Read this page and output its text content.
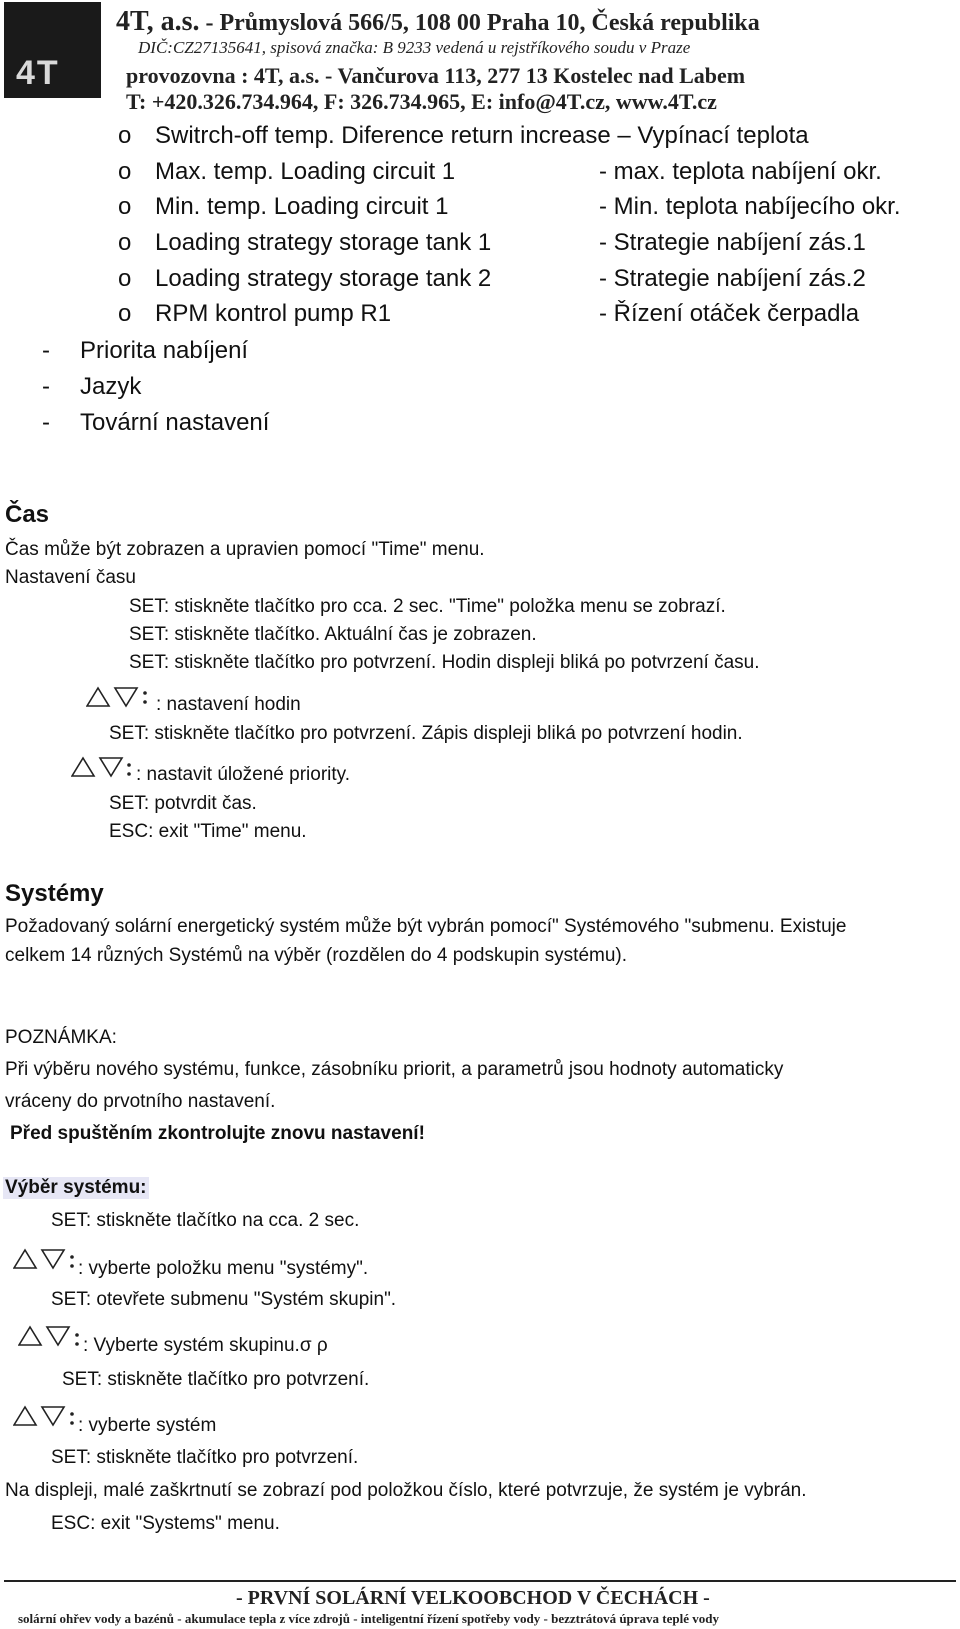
4T
4T, a.s. - Průmyslová 566/5, 108 00 Praha 10, Česká republika
DIČ:CZ27135641, spisová značka: B 9233 vedená u rejstříkového soudu v Praze
provozovna : 4T, a.s. - Vančurova 113, 277 13 Kostelec nad Labem
T: +420.326.734.964, F: 326.734.965, E: info@4T.cz, www.4T.cz
o Switrch-off temp. Diference return increase – Vypínací teplota
o Max. temp. Loading circuit 1	- max. teplota nabíjení okr.
o Min. temp. Loading circuit 1	- Min. teplota nabíjecího okr.
o Loading strategy storage tank 1	- Strategie nabíjení zás.1
o Loading strategy storage tank 2	- Strategie nabíjení zás.2
o RPM kontrol pump R1	- Řízení otáček čerpadla
- Priorita nabíjení
- Jazyk
- Tovární nastavení
Čas
Čas může být zobrazen a upravien pomocí "Time" menu.
Nastavení času
SET: stiskněte tlačítko pro cca. 2 sec. "Time" položka menu se zobrazí.
SET: stiskněte tlačítko. Aktuální čas je zobrazen.
SET: stiskněte tlačítko pro potvrzení. Hodin displeji bliká po potvrzení času.
: nastavení hodin
SET: stiskněte tlačítko pro potvrzení. Zápis displeji bliká po potvrzení hodin.
: nastavit úložené priority.
SET: potvrdit čas.
ESC: exit "Time" menu.
Systémy
Požadovaný solární energetický systém může být vybrán pomocí" Systémového "submenu. Existuje
celkem 14 různých Systémů na výběr (rozdělen do 4 podskupin systému).
POZNÁMKA:
Při výběru nového systému, funkce, zásobníku priorit, a parametrů jsou hodnoty automaticky
vráceny do prvotního nastavení.
Před spuštěním zkontrolujte znovu nastavení!
Výběr systému:
SET: stiskněte tlačítko na cca. 2 sec.
: vyberte položku menu "systémy".
SET: otevřete submenu "Systém skupin".
: Vyberte systém skupinu.σ ρ
SET: stiskněte tlačítko pro potvrzení.
: vyberte systém
SET: stiskněte tlačítko pro potvrzení.
Na displeji, malé zaškrtnutí se zobrazí pod položkou číslo, které potvrzuje, že systém je vybrán.
ESC: exit "Systems" menu.
- PRVNÍ SOLÁRNÍ VELKOOBCHOD V ČECHÁCH -
solární ohřev vody a bazénů - akumulace tepla z více zdrojů - inteligentní řízení spotřeby vody - bezztrátová úprava teplé vody
